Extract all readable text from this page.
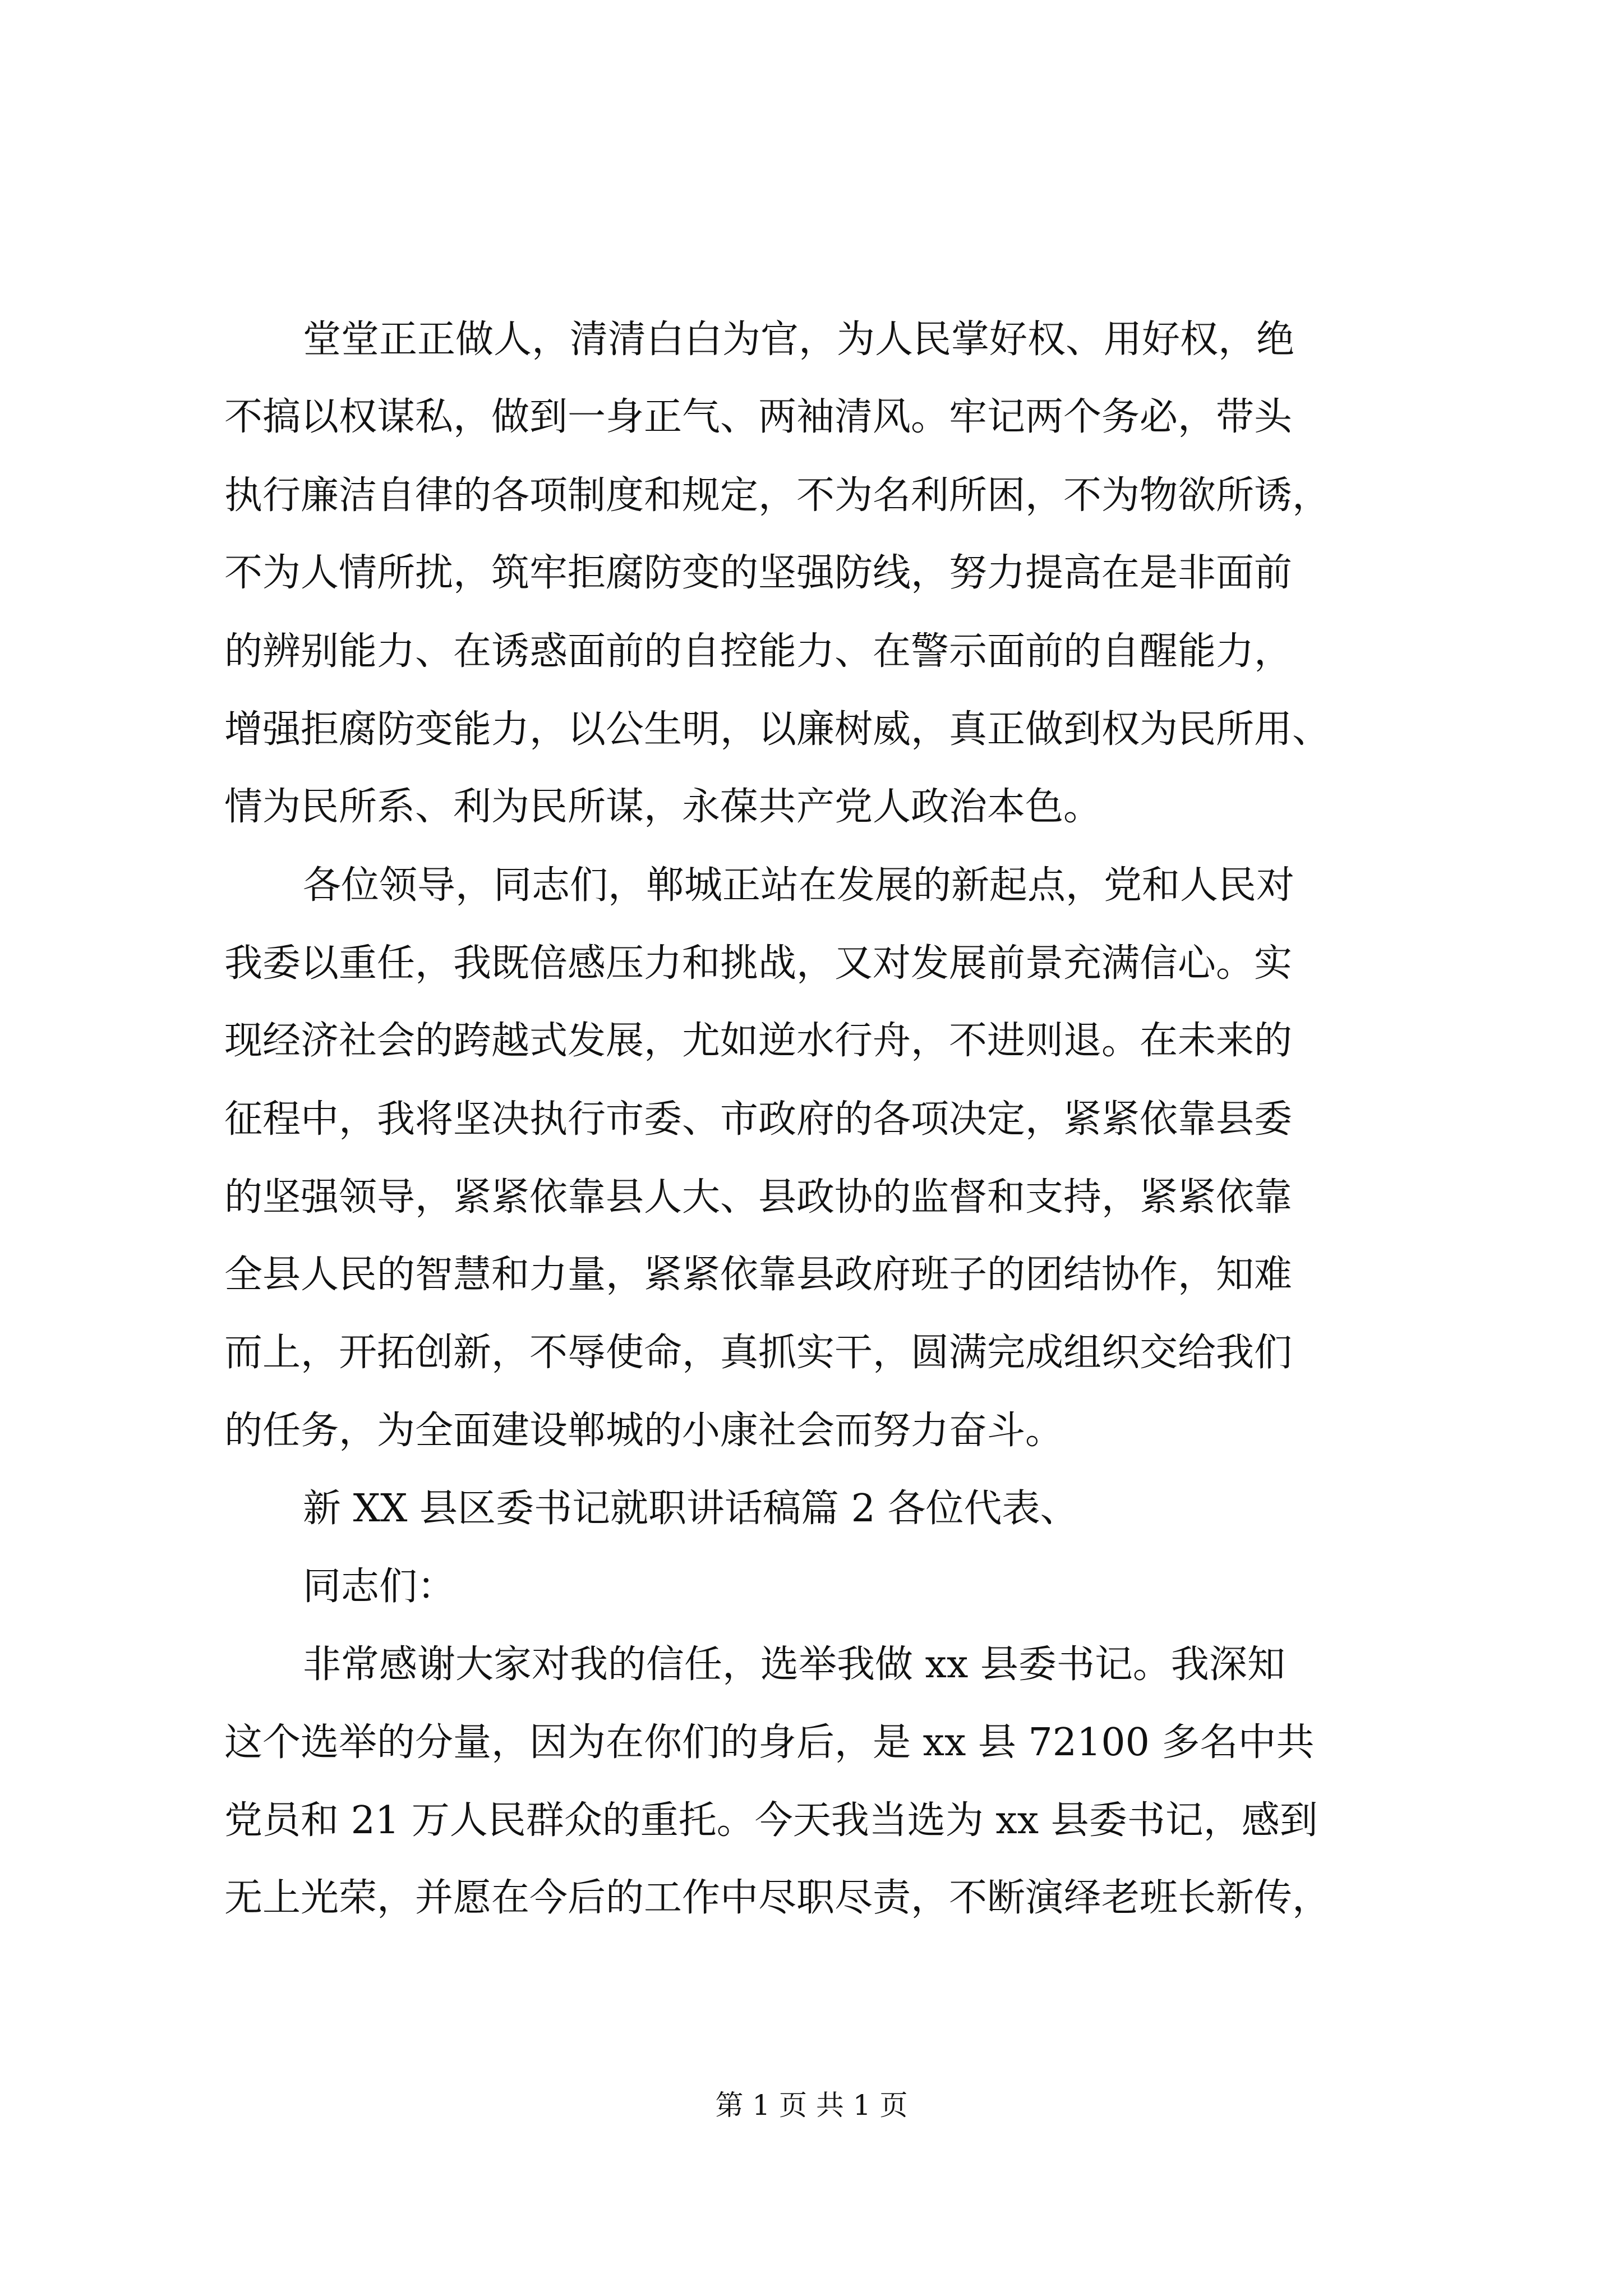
堂堂正正做人，清清白白为官，为人民掌好权、用好权，绝
不搞以权谋私，做到一身正气、两袖清风。牢记两个务必，带头
执行廉洁自律的各项制度和规定，不为名利所困，不为物欲所诱，
不为人情所扰，筑牢拒腐防变的坚强防线，努力提高在是非面前
的辨别能力、在诱惑面前的自控能力、在警示面前的自醒能力，
增强拒腐防变能力，以公生明，以廉树威，真正做到权为民所用、
情为民所系、利为民所谋，永葆共产党人政治本色。
各位领导，同志们，郸城正站在发展的新起点，党和人民对
我委以重任，我既倍感压力和挑战，又对发展前景充满信心。实
现经济社会的跨越式发展，尤如逆水行舟，不进则退。在未来的
征程中，我将坚决执行市委、市政府的各项决定，紧紧依靠县委
的坚强领导，紧紧依靠县人大、县政协的监督和支持，紧紧依靠
全县人民的智慧和力量，紧紧依靠县政府班子的团结协作，知难
而上，开拓创新，不辱使命，真抓实干，圆满完成组织交给我们
的任务，为全面建设郸城的小康社会而努力奋斗。
新 XX 县区委书记就职讲话稿篇 2 各位代表、
同志们：
非常感谢大家对我的信任，选举我做 xx 县委书记。我深知
这个选举的分量，因为在你们的身后，是 xx 县 72100 多名中共
党员和 21 万人民群众的重托。今天我当选为 xx 县委书记，感到
无上光荣，并愿在今后的工作中尽职尽责，不断演绎老班长新传，
第 1 页 共 1 页
